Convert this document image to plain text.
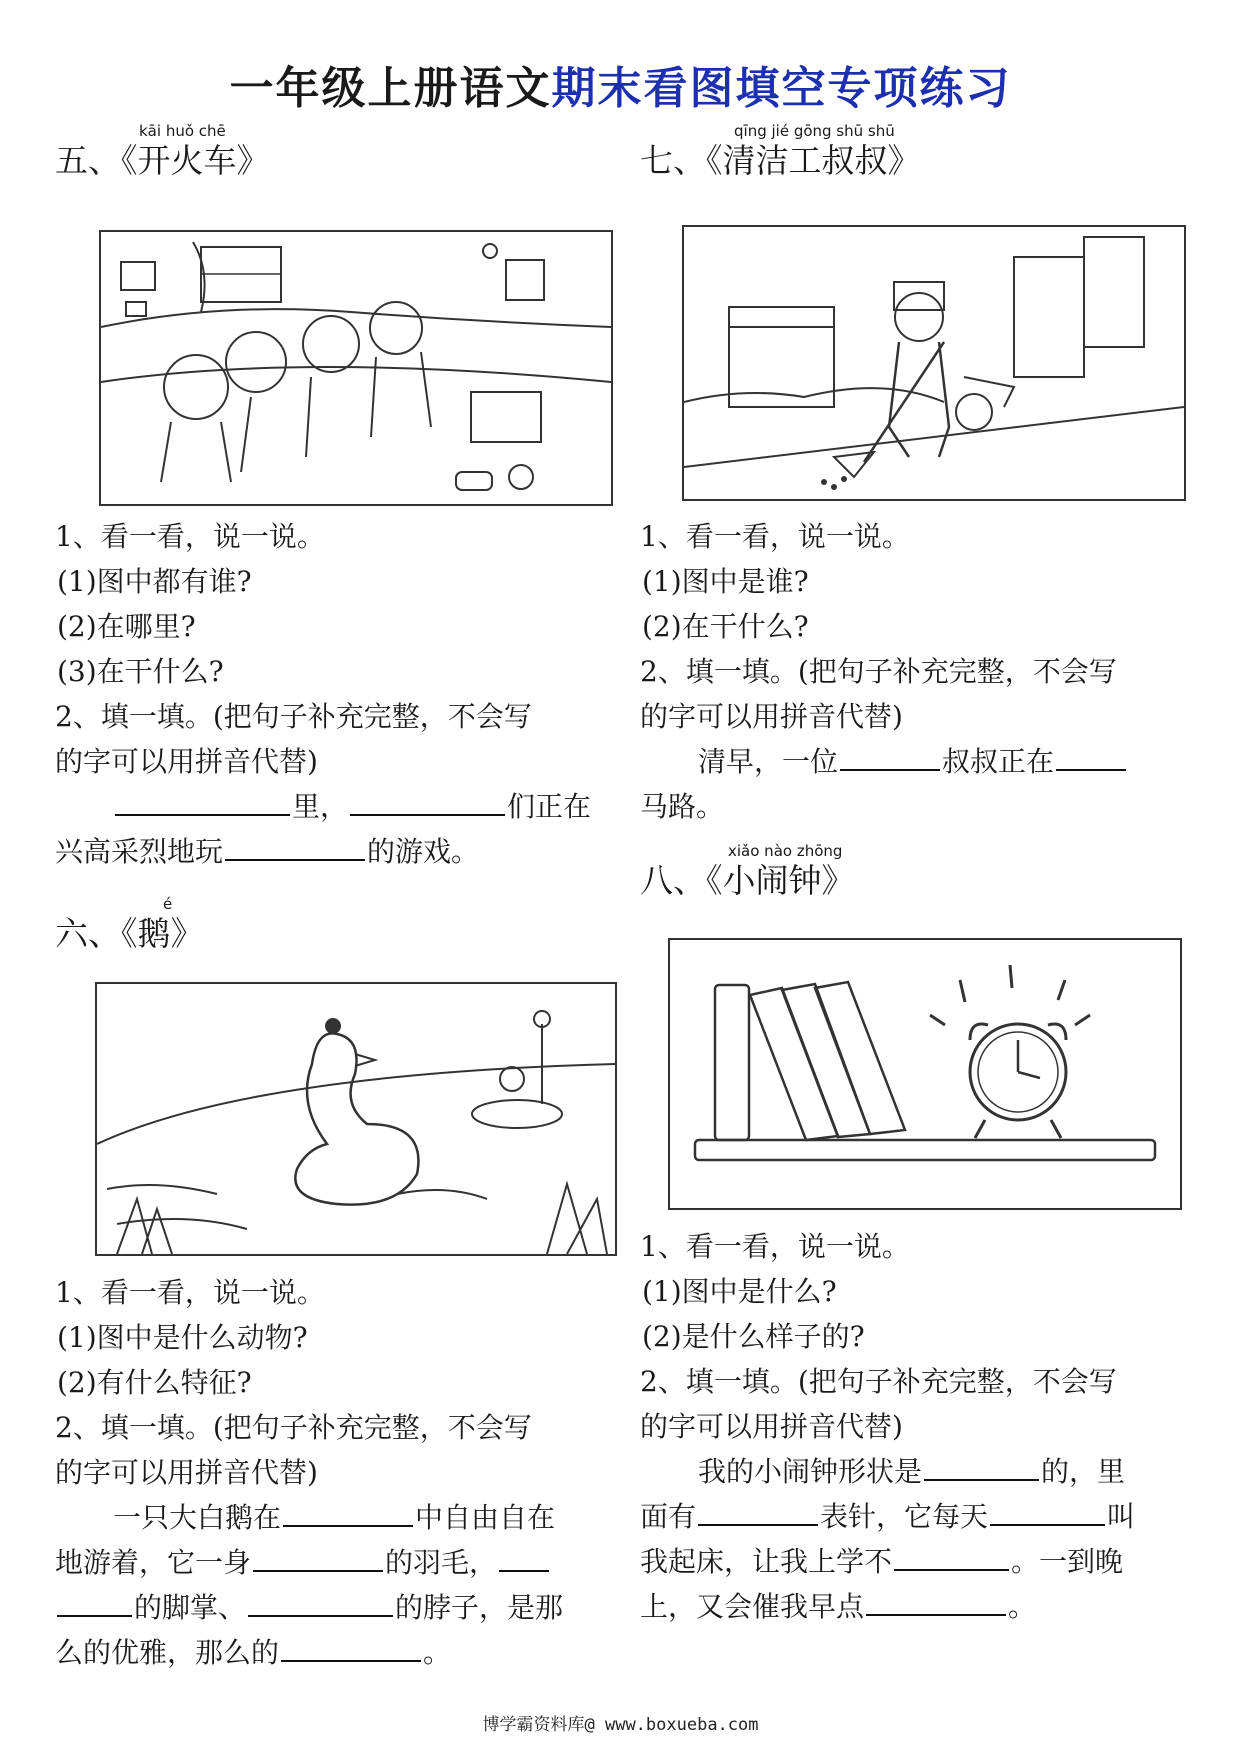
一年级上册语文期末看图填空专项练习
kāi huǒ chē
五、《开火车》
1、看一看，说一说。
(1)图中都有谁?
(2)在哪里?
(3)在干什么?
2、填一填。(把句子补充完整，不会写
的字可以用拼音代替)
里，	们正在
兴高采烈地玩	的游戏。
é
六、《鹅》
1、看一看，说一说。
(1)图中是什么动物?
(2)有什么特征?
2、填一填。(把句子补充完整，不会写
的字可以用拼音代替)
一只大白鹅在	中自由自在
地游着，它一身	的羽毛，
的脚掌、	的脖子，是那
么的优雅，那么的	。
qīng jié gōng shū shū
七、《清洁工叔叔》
1、看一看，说一说。
(1)图中是谁?
(2)在干什么?
2、填一填。(把句子补充完整，不会写
的字可以用拼音代替)
清早，一位	叔叔正在
马路。
xiǎo nào zhōng
八、《小闹钟》
1、看一看，说一说。
(1)图中是什么?
(2)是什么样子的?
2、填一填。(把句子补充完整，不会写
的字可以用拼音代替)
我的小闹钟形状是	的，里
面有	表针，它每天	叫
我起床，让我上学不	。一到晚
上，又会催我早点	。
博学霸资料库@ www.boxueba.com
